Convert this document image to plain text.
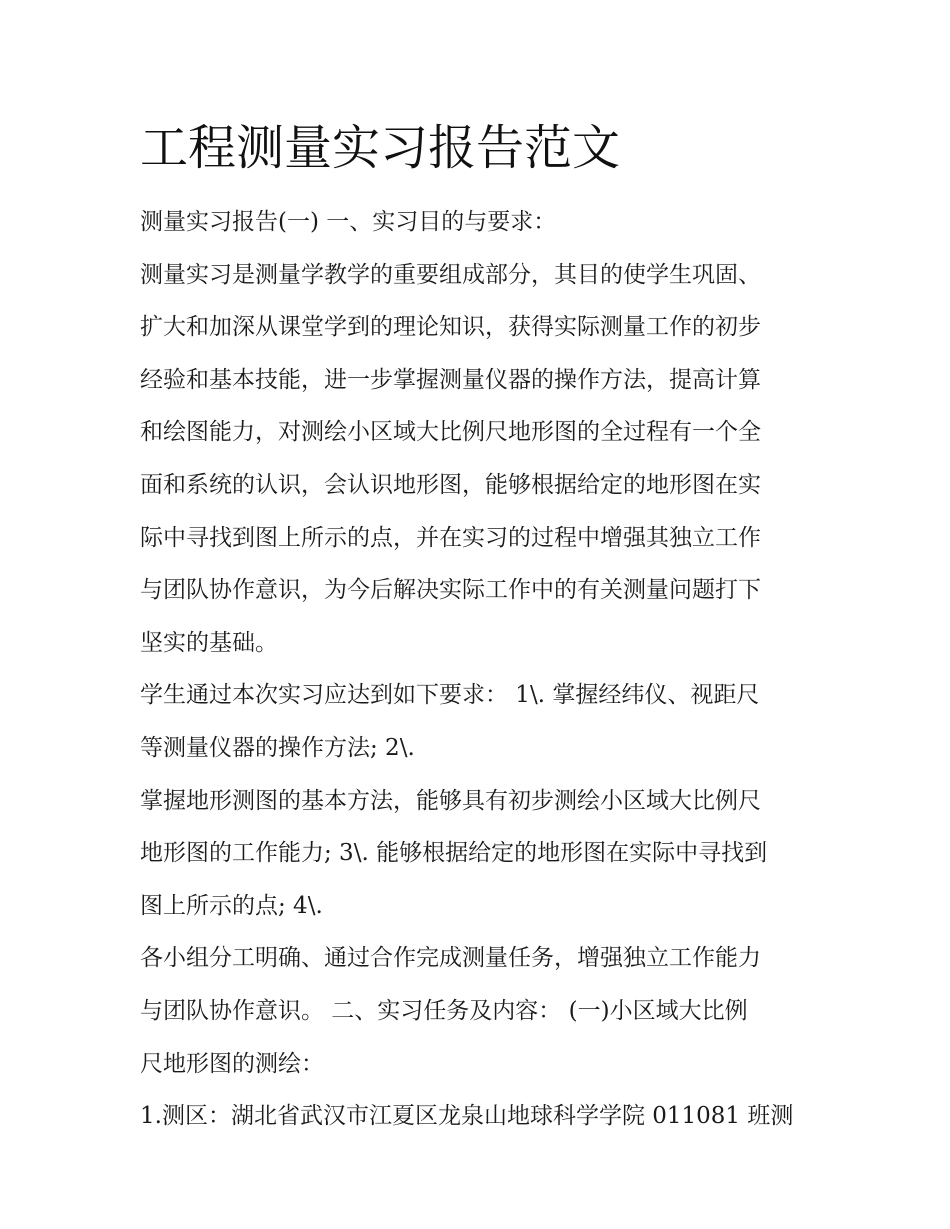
工程测量实习报告范文
测量实习报告(一) 一、实习目的与要求：
测量实习是测量学教学的重要组成部分，其目的使学生巩固、
扩大和加深从课堂学到的理论知识，获得实际测量工作的初步
经验和基本技能，进一步掌握测量仪器的操作方法，提高计算
和绘图能力，对测绘小区域大比例尺地形图的全过程有一个全
面和系统的认识，会认识地形图，能够根据给定的地形图在实
际中寻找到图上所示的点，并在实习的过程中增强其独立工作
与团队协作意识，为今后解决实际工作中的有关测量问题打下
坚实的基础。
学生通过本次实习应达到如下要求： 1\. 掌握经纬仪、视距尺
等测量仪器的操作方法; 2\.
掌握地形测图的基本方法，能够具有初步测绘小区域大比例尺
地形图的工作能力; 3\. 能够根据给定的地形图在实际中寻找到
图上所示的点; 4\.
各小组分工明确、通过合作完成测量任务，增强独立工作能力
与团队协作意识。 二、实习任务及内容： (一)小区域大比例
尺地形图的测绘：
1.测区：湖北省武汉市江夏区龙泉山地球科学学院 011081 班测
